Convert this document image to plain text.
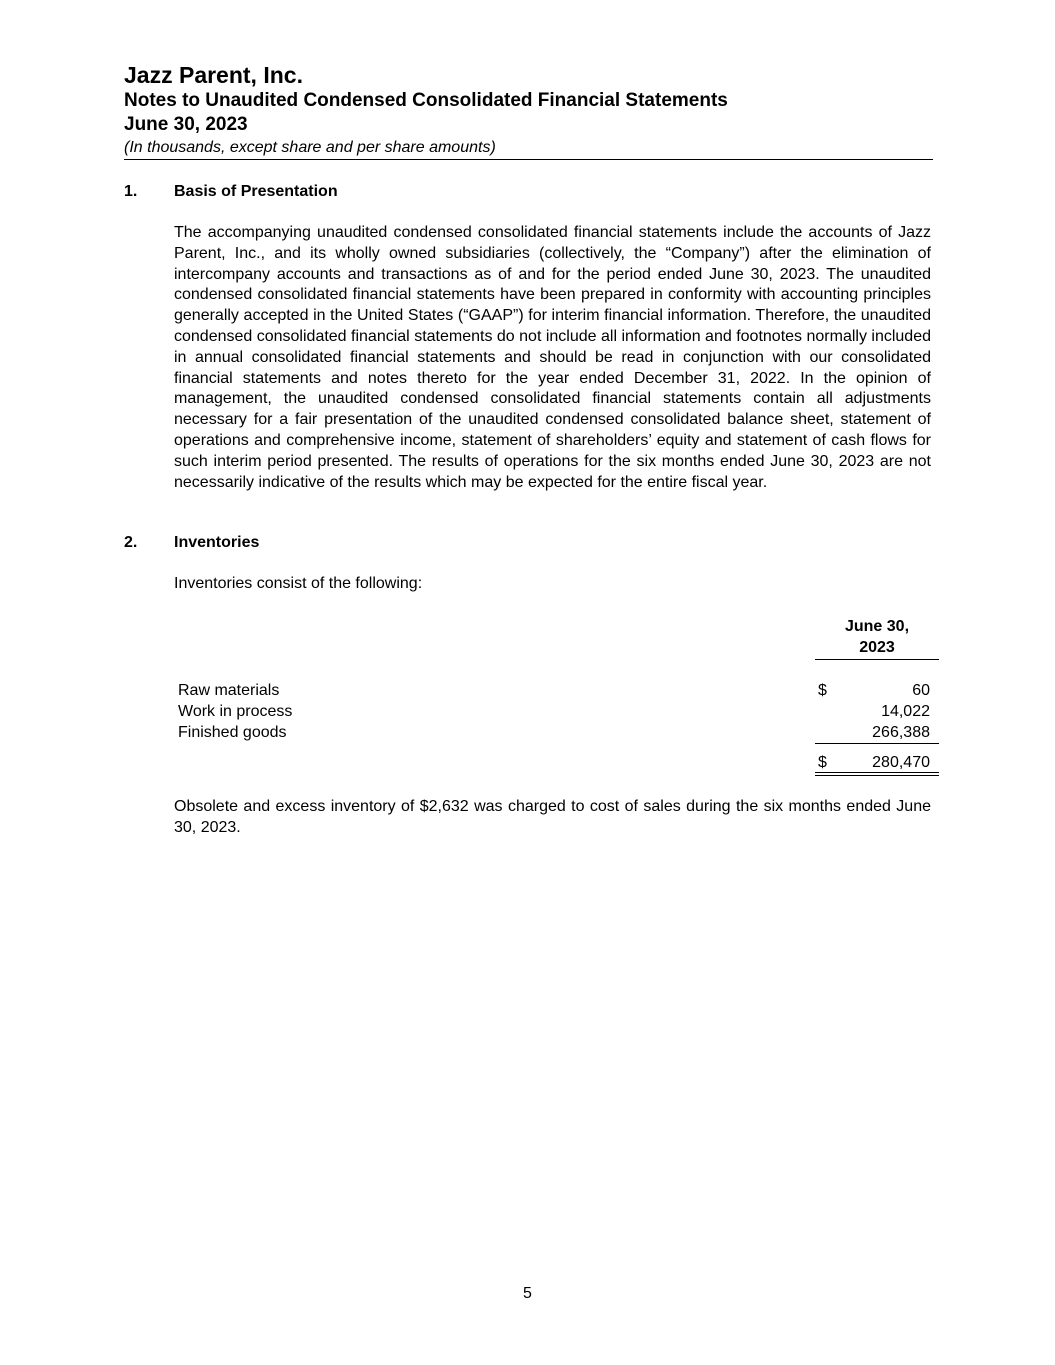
Jazz Parent, Inc.
Notes to Unaudited Condensed Consolidated Financial Statements
June 30, 2023
(In thousands, except share and per share amounts)
1. Basis of Presentation

The accompanying unaudited condensed consolidated financial statements include the accounts of Jazz Parent, Inc., and its wholly owned subsidiaries (collectively, the “Company”) after the elimination of intercompany accounts and transactions as of and for the period ended June 30, 2023. The unaudited condensed consolidated financial statements have been prepared in conformity with accounting principles generally accepted in the United States (“GAAP”) for interim financial information. Therefore, the unaudited condensed consolidated financial statements do not include all information and footnotes normally included in annual consolidated financial statements and should be read in conjunction with our consolidated financial statements and notes thereto for the year ended December 31, 2022. In the opinion of management, the unaudited condensed consolidated financial statements contain all adjustments necessary for a fair presentation of the unaudited condensed consolidated balance sheet, statement of operations and comprehensive income, statement of shareholders’ equity and statement of cash flows for such interim period presented. The results of operations for the six months ended June 30, 2023 are not necessarily indicative of the results which may be expected for the entire fiscal year.

2. Inventories

Inventories consist of the following:

June 30,
2023
Raw materials	$	60
Work in process	14,022
Finished goods	266,388
$	280,470

Obsolete and excess inventory of $2,632 was charged to cost of sales during the six months ended June 30, 2023.

5
